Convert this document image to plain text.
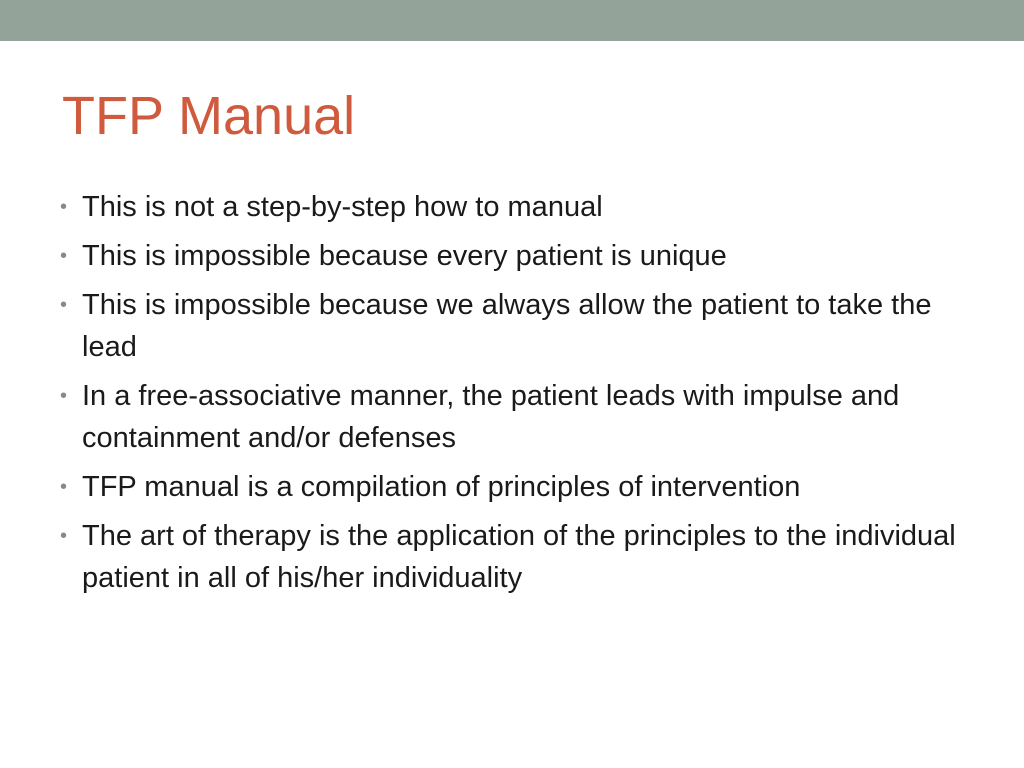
TFP Manual
• This is not a step-by-step how to manual
• This is impossible because every patient is unique
• This is impossible because we always allow the patient to take the lead
• In a free-associative manner, the patient leads with impulse and containment and/or defenses
• TFP manual is a compilation of principles of intervention
• The art of therapy is the application of the principles to the individual patient in all of his/her individuality
